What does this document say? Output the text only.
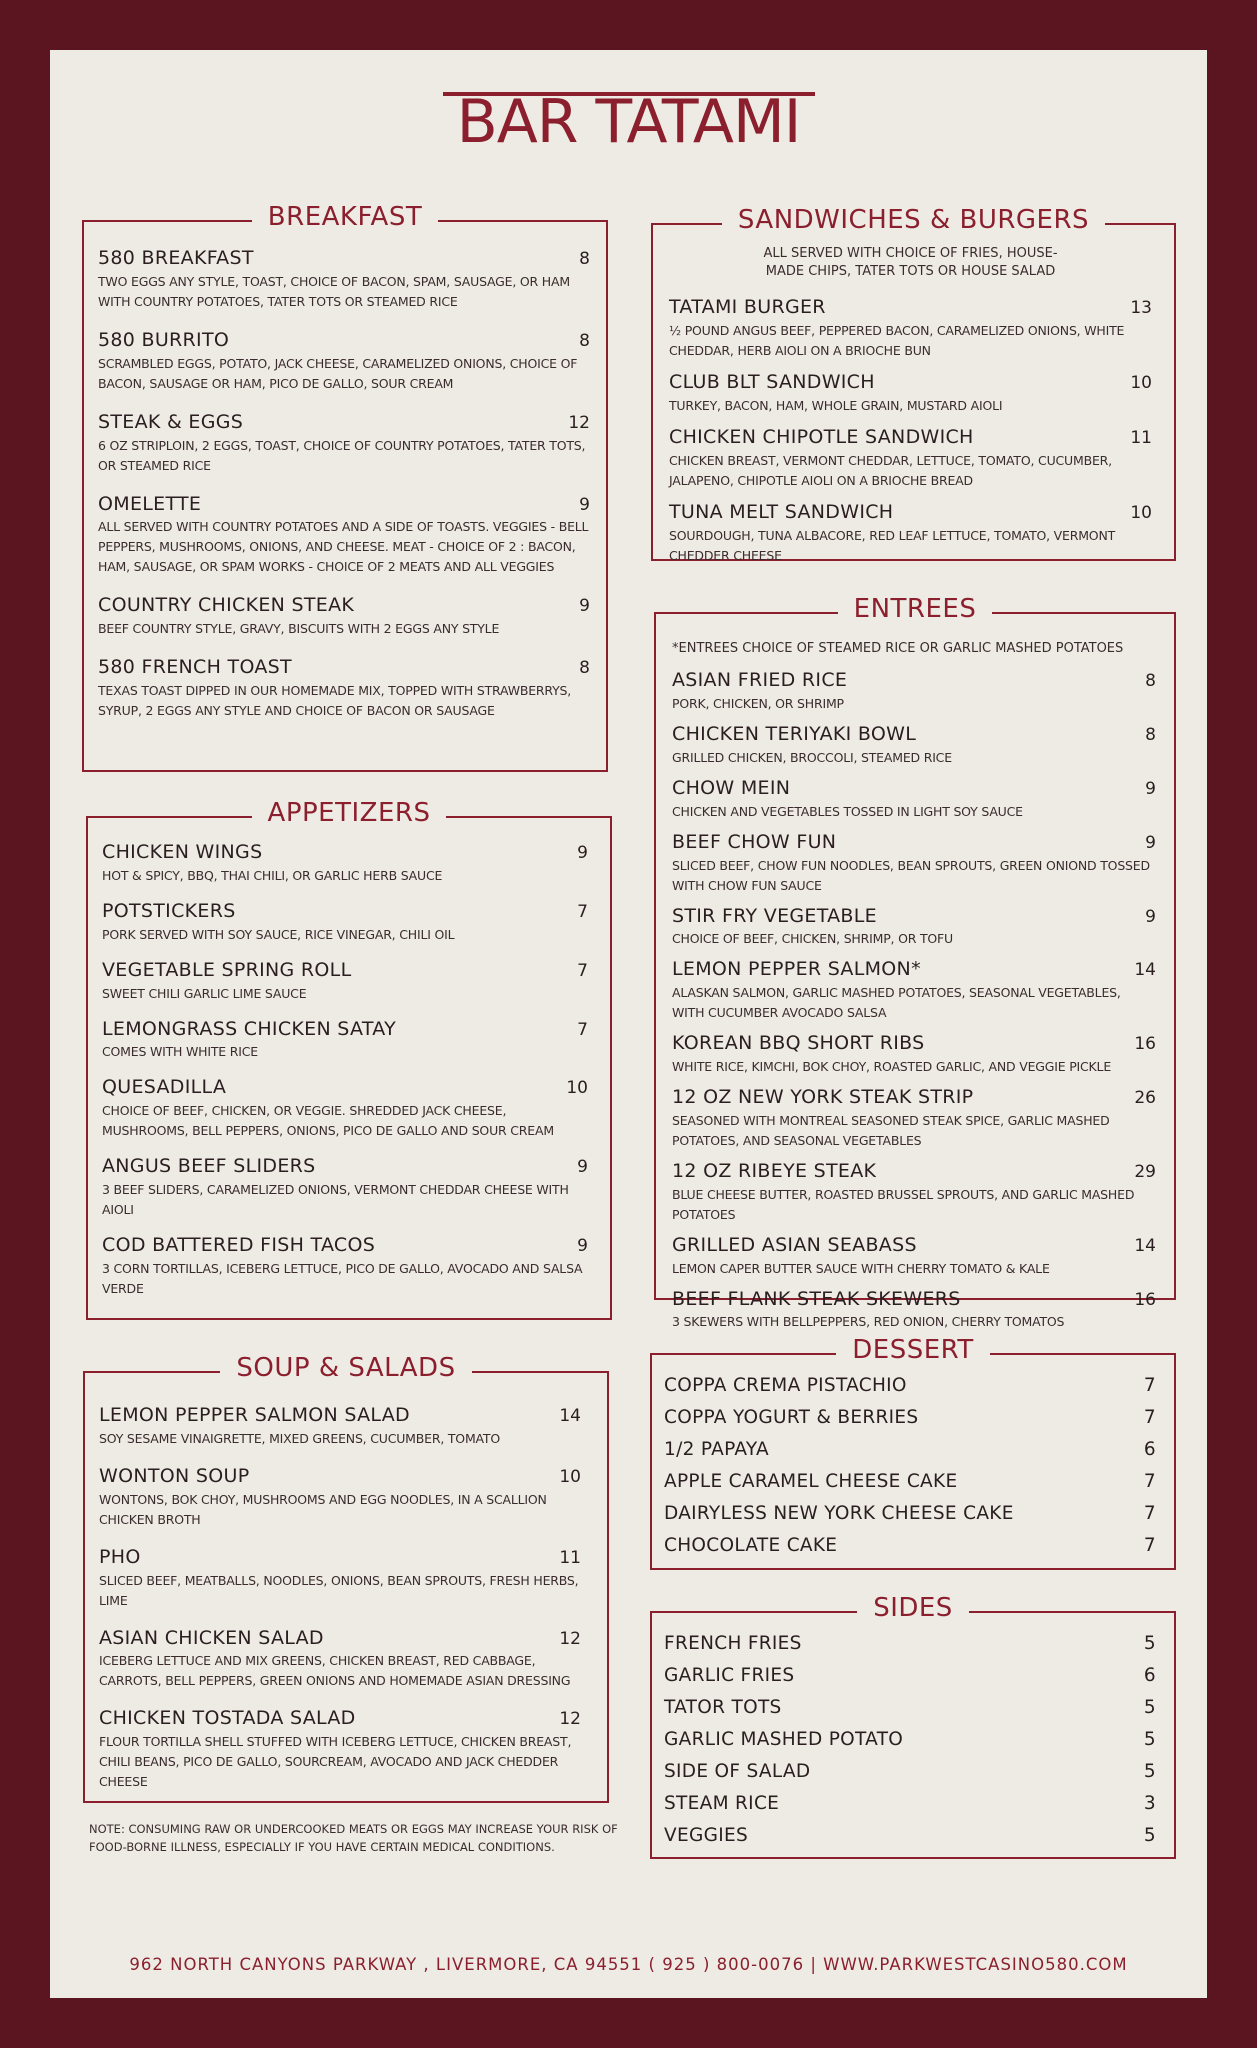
BAR TATAMI
BREAKFAST
580 BREAKFAST	8
TWO EGGS ANY STYLE, TOAST, CHOICE OF BACON, SPAM, SAUSAGE, OR HAM WITH COUNTRY POTATOES, TATER TOTS OR STEAMED RICE
580 BURRITO	8
SCRAMBLED EGGS, POTATO, JACK CHEESE, CARAMELIZED ONIONS, CHOICE OF BACON, SAUSAGE OR HAM, PICO DE GALLO, SOUR CREAM
STEAK & EGGS	12
6 OZ STRIPLOIN, 2 EGGS, TOAST, CHOICE OF COUNTRY POTATOES, TATER TOTS, OR STEAMED RICE
OMELETTE	9
ALL SERVED WITH COUNTRY POTATOES AND A SIDE OF TOASTS. VEGGIES - BELL PEPPERS, MUSHROOMS, ONIONS, AND CHEESE. MEAT - CHOICE OF 2 : BACON, HAM, SAUSAGE, OR SPAM WORKS - CHOICE OF 2 MEATS AND ALL VEGGIES
COUNTRY CHICKEN STEAK	9
BEEF COUNTRY STYLE, GRAVY, BISCUITS WITH 2 EGGS ANY STYLE
580 FRENCH TOAST	8
TEXAS TOAST DIPPED IN OUR HOMEMADE MIX, TOPPED WITH STRAWBERRYS, SYRUP, 2 EGGS ANY STYLE AND CHOICE OF BACON OR SAUSAGE
APPETIZERS
CHICKEN WINGS	9
HOT & SPICY, BBQ, THAI CHILI, OR GARLIC HERB SAUCE
POTSTICKERS	7
PORK SERVED WITH SOY SAUCE, RICE VINEGAR, CHILI OIL
VEGETABLE SPRING ROLL	7
SWEET CHILI GARLIC LIME SAUCE
LEMONGRASS CHICKEN SATAY	7
COMES WITH WHITE RICE
QUESADILLA	10
CHOICE OF BEEF, CHICKEN, OR VEGGIE. SHREDDED JACK CHEESE, MUSHROOMS, BELL PEPPERS, ONIONS, PICO DE GALLO AND SOUR CREAM
ANGUS BEEF SLIDERS	9
3 BEEF SLIDERS, CARAMELIZED ONIONS, VERMONT CHEDDAR CHEESE WITH AIOLI
COD BATTERED FISH TACOS	9
3 CORN TORTILLAS, ICEBERG LETTUCE, PICO DE GALLO, AVOCADO AND SALSA VERDE
SOUP & SALADS
LEMON PEPPER SALMON SALAD	14
SOY SESAME VINAIGRETTE, MIXED GREENS, CUCUMBER, TOMATO
WONTON SOUP	10
WONTONS, BOK CHOY, MUSHROOMS AND EGG NOODLES, IN A SCALLION CHICKEN BROTH
PHO	11
SLICED BEEF, MEATBALLS, NOODLES, ONIONS, BEAN SPROUTS, FRESH HERBS, LIME
ASIAN CHICKEN SALAD	12
ICEBERG LETTUCE AND MIX GREENS, CHICKEN BREAST, RED CABBAGE, CARROTS, BELL PEPPERS, GREEN ONIONS AND HOMEMADE ASIAN DRESSING
CHICKEN TOSTADA SALAD	12
FLOUR TORTILLA SHELL STUFFED WITH ICEBERG LETTUCE, CHICKEN BREAST, CHILI BEANS, PICO DE GALLO, SOURCREAM, AVOCADO AND JACK CHEDDER CHEESE
NOTE: CONSUMING RAW OR UNDERCOOKED MEATS OR EGGS MAY INCREASE YOUR RISK OF FOOD-BORNE ILLNESS, ESPECIALLY IF YOU HAVE CERTAIN MEDICAL CONDITIONS.
SANDWICHES & BURGERS
ALL SERVED WITH CHOICE OF FRIES, HOUSE-MADE CHIPS, TATER TOTS OR HOUSE SALAD
TATAMI BURGER	13
½ POUND ANGUS BEEF, PEPPERED BACON, CARAMELIZED ONIONS, WHITE CHEDDAR, HERB AIOLI ON A BRIOCHE BUN
CLUB BLT SANDWICH	10
TURKEY, BACON, HAM, WHOLE GRAIN, MUSTARD AIOLI
CHICKEN CHIPOTLE SANDWICH	11
CHICKEN BREAST, VERMONT CHEDDAR, LETTUCE, TOMATO, CUCUMBER, JALAPENO, CHIPOTLE AIOLI ON A BRIOCHE BREAD
TUNA MELT SANDWICH	10
SOURDOUGH, TUNA ALBACORE, RED LEAF LETTUCE, TOMATO, VERMONT CHEDDER CHEESE
ENTREES
*ENTREES CHOICE OF STEAMED RICE OR GARLIC MASHED POTATOES
ASIAN FRIED RICE	8
PORK, CHICKEN, OR SHRIMP
CHICKEN TERIYAKI BOWL	8
GRILLED CHICKEN, BROCCOLI, STEAMED RICE
CHOW MEIN	9
CHICKEN AND VEGETABLES TOSSED IN LIGHT SOY SAUCE
BEEF CHOW FUN	9
SLICED BEEF, CHOW FUN NOODLES, BEAN SPROUTS, GREEN ONIOND TOSSED WITH CHOW FUN SAUCE
STIR FRY VEGETABLE	9
CHOICE OF BEEF, CHICKEN, SHRIMP, OR TOFU
LEMON PEPPER SALMON*	14
ALASKAN SALMON, GARLIC MASHED POTATOES, SEASONAL VEGETABLES, WITH CUCUMBER AVOCADO SALSA
KOREAN BBQ SHORT RIBS	16
WHITE RICE, KIMCHI, BOK CHOY, ROASTED GARLIC, AND VEGGIE PICKLE
12 OZ NEW YORK STEAK STRIP	26
SEASONED WITH MONTREAL SEASONED STEAK SPICE, GARLIC MASHED POTATOES, AND SEASONAL VEGETABLES
12 OZ RIBEYE STEAK	29
BLUE CHEESE BUTTER, ROASTED BRUSSEL SPROUTS, AND GARLIC MASHED POTATOES
GRILLED ASIAN SEABASS	14
LEMON CAPER BUTTER SAUCE WITH CHERRY TOMATO & KALE
BEEF FLANK STEAK SKEWERS	16
3 SKEWERS WITH BELLPEPPERS, RED ONION, CHERRY TOMATOS
DESSERT
COPPA CREMA PISTACHIO	7
COPPA YOGURT & BERRIES	7
1/2 PAPAYA	6
APPLE CARAMEL CHEESE CAKE	7
DAIRYLESS NEW YORK CHEESE CAKE	7
CHOCOLATE CAKE	7
SIDES
FRENCH FRIES	5
GARLIC FRIES	6
TATOR TOTS	5
GARLIC MASHED POTATO	5
SIDE OF SALAD	5
STEAM RICE	3
VEGGIES	5
962 NORTH CANYONS PARKWAY , LIVERMORE, CA 94551 ( 925 ) 800-0076 | WWW.PARKWESTCASINO580.COM
